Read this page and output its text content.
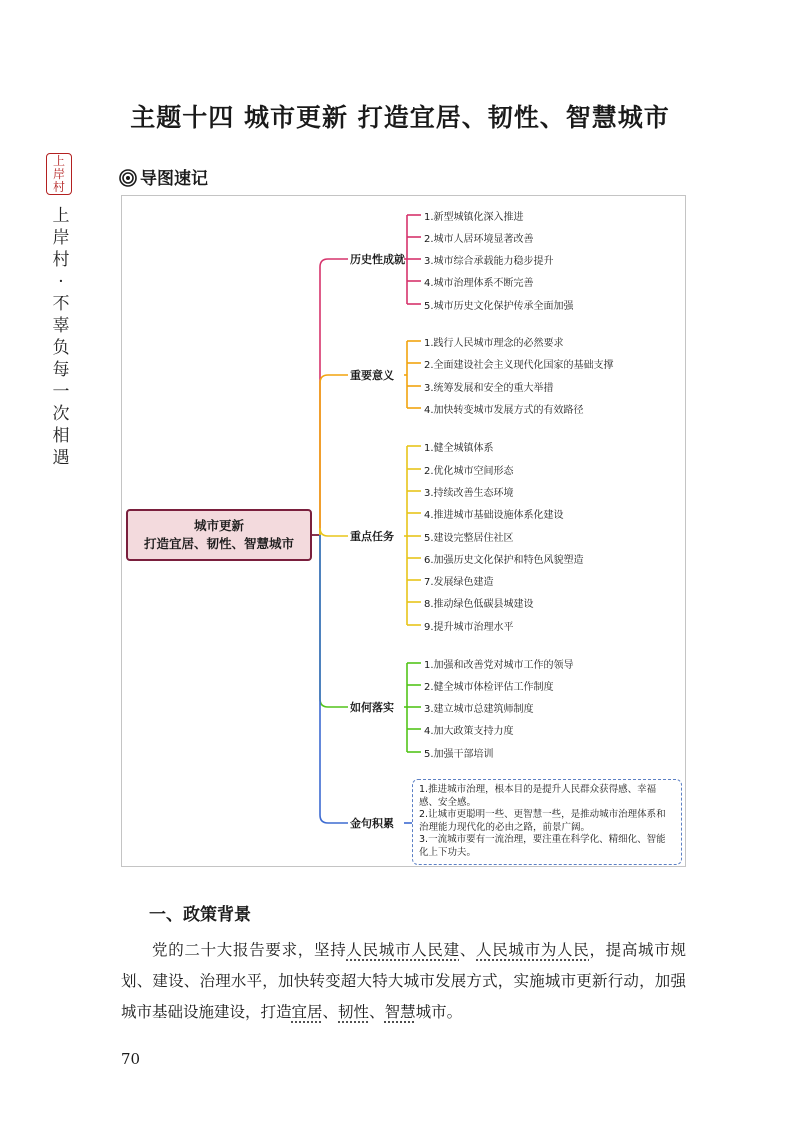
主题十四 城市更新 打造宜居、韧性、智慧城市
上
岸
村
上岸村·不辜负每一次相遇
导图速记
城市更新
打造宜居、韧性、智慧城市
历史性成就
1.新型城镇化深入推进
2.城市人居环境显著改善
3.城市综合承载能力稳步提升
4.城市治理体系不断完善
5.城市历史文化保护传承全面加强
重要意义
1.践行人民城市理念的必然要求
2.全面建设社会主义现代化国家的基础支撑
3.统筹发展和安全的重大举措
4.加快转变城市发展方式的有效路径
重点任务
1.健全城镇体系
2.优化城市空间形态
3.持续改善生态环境
4.推进城市基础设施体系化建设
5.建设完整居住社区
6.加强历史文化保护和特色风貌塑造
7.发展绿色建造
8.推动绿色低碳县城建设
9.提升城市治理水平
如何落实
1.加强和改善党对城市工作的领导
2.健全城市体检评估工作制度
3.建立城市总建筑师制度
4.加大政策支持力度
5.加强干部培训
金句积累
1.推进城市治理，根本目的是提升人民群众获得感、幸福感、安全感。
2.让城市更聪明一些、更智慧一些，是推动城市治理体系和治理能力现代化的必由之路，前景广阔。
3.一流城市要有一流治理，要注重在科学化、精细化、智能化上下功夫。
一、政策背景
党的二十大报告要求，坚持人民城市人民建、人民城市为人民，提高城市规划、建设、治理水平，加快转变超大特大城市发展方式，实施城市更新行动，加强城市基础设施建设，打造宜居、韧性、智慧城市。
70
